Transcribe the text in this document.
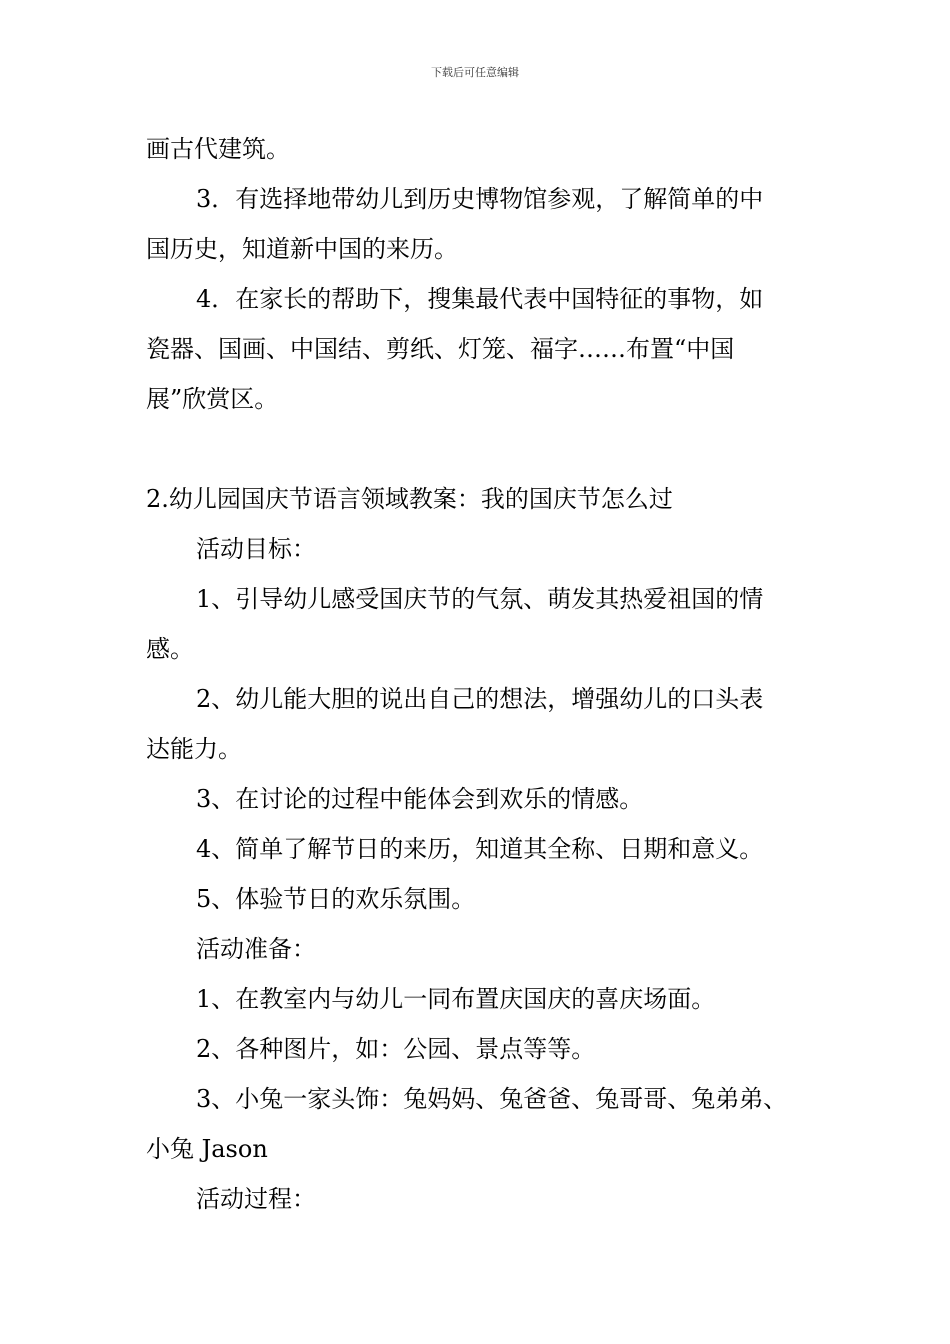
下载后可任意编辑
画古代建筑。
3．有选择地带幼儿到历史博物馆参观，了解简单的中
国历史，知道新中国的来历。
4．在家长的帮助下，搜集最代表中国特征的事物，如
瓷器、国画、中国结、剪纸、灯笼、福字……布置“中国
展”欣赏区。
2.幼儿园国庆节语言领域教案：我的国庆节怎么过
活动目标：
1、引导幼儿感受国庆节的气氛、萌发其热爱祖国的情
感。
2、幼儿能大胆的说出自己的想法，增强幼儿的口头表
达能力。
3、在讨论的过程中能体会到欢乐的情感。
4、简单了解节日的来历，知道其全称、日期和意义。
5、体验节日的欢乐氛围。
活动准备：
1、在教室内与幼儿一同布置庆国庆的喜庆场面。
2、各种图片，如：公园、景点等等。
3、小兔一家头饰：兔妈妈、兔爸爸、兔哥哥、兔弟弟、
小兔 Jason
活动过程：
